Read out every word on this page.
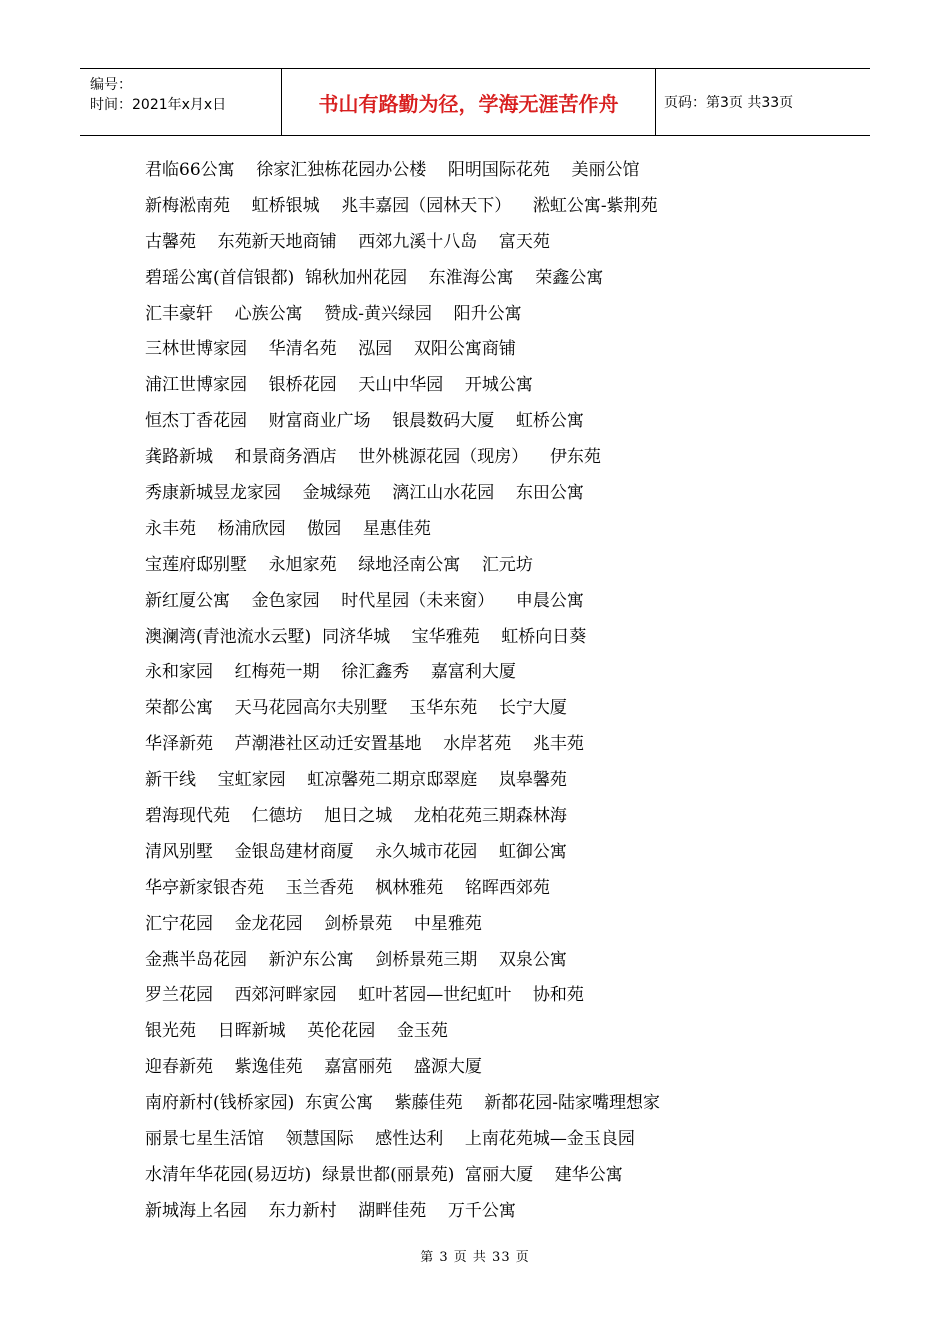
编号：
时间：2021年x月x日	书山有路勤为径，学海无涯苦作舟	页码：第3页 共33页
君临66公寓    徐家汇独栋花园办公楼    阳明国际花苑    美丽公馆
新梅淞南苑    虹桥银城    兆丰嘉园（园林天下）    淞虹公寓-紫荆苑
古馨苑    东苑新天地商铺    西郊九溪十八岛    富天苑
碧瑶公寓(首信银都)  锦秋加州花园    东淮海公寓    荣鑫公寓
汇丰豪轩    心族公寓    赞成-黄兴绿园    阳升公寓
三林世博家园    华清名苑    泓园    双阳公寓商铺
浦江世博家园    银桥花园    天山中华园    开城公寓
恒杰丁香花园    财富商业广场    银晨数码大厦    虹桥公寓
龚路新城    和景商务酒店    世外桃源花园（现房）    伊东苑
秀康新城昱龙家园    金城绿苑    漓江山水花园    东田公寓
永丰苑    杨浦欣园    傲园    星惠佳苑
宝莲府邸别墅    永旭家苑    绿地泾南公寓    汇元坊
新红厦公寓    金色家园    时代星园（未来窗）    申晨公寓
澳澜湾(青池流水云墅)  同济华城    宝华雅苑    虹桥向日葵
永和家园    红梅苑一期    徐汇鑫秀    嘉富利大厦
荣都公寓    天马花园高尔夫别墅    玉华东苑    长宁大厦
华泽新苑    芦潮港社区动迁安置基地    水岸茗苑    兆丰苑
新干线    宝虹家园    虹凉馨苑二期京邸翠庭    岚皋馨苑
碧海现代苑    仁德坊    旭日之城    龙柏花苑三期森林海
清风别墅    金银岛建材商厦    永久城市花园    虹御公寓
华亭新家银杏苑    玉兰香苑    枫林雅苑    铭晖西郊苑
汇宁花园    金龙花园    剑桥景苑    中星雅苑
金燕半岛花园    新沪东公寓    剑桥景苑三期    双泉公寓
罗兰花园    西郊河畔家园    虹叶茗园—世纪虹叶    协和苑
银光苑    日晖新城    英伦花园    金玉苑
迎春新苑    紫逸佳苑    嘉富丽苑    盛源大厦
南府新村(钱桥家园)  东寅公寓    紫藤佳苑    新都花园-陆家嘴理想家
丽景七星生活馆    领慧国际    感性达利    上南花苑城—金玉良园
水清年华花园(易迈坊)  绿景世都(丽景苑)  富丽大厦    建华公寓
新城海上名园    东力新村    湖畔佳苑    万千公寓
第 3 页 共 33 页
